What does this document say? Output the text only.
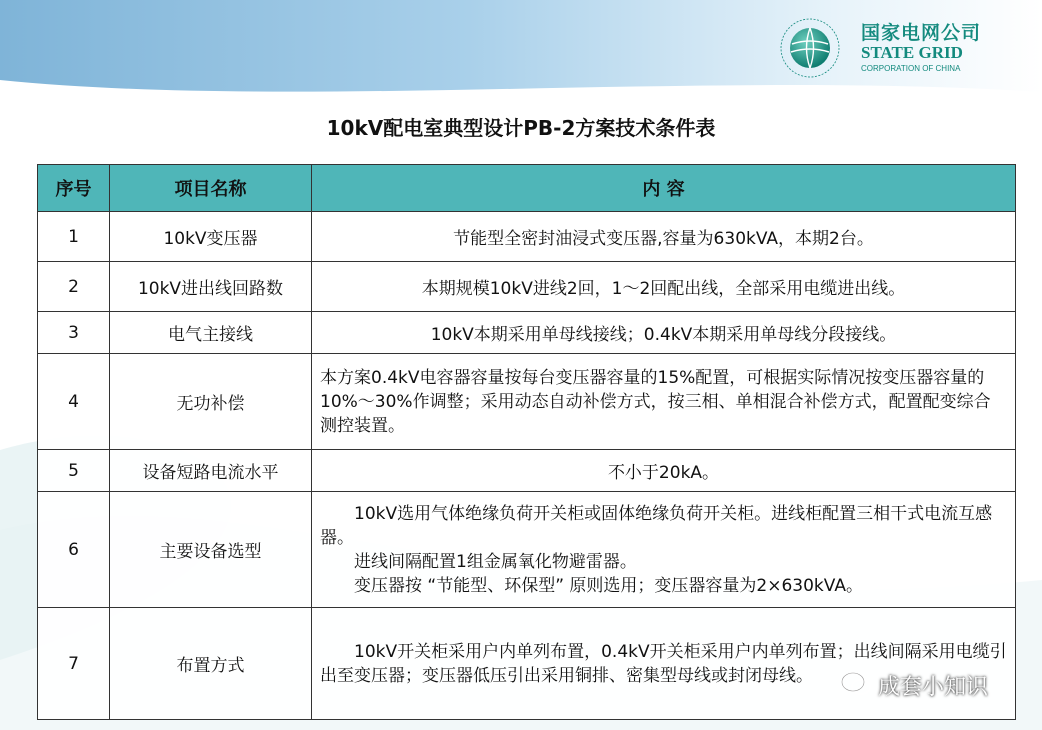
国家电网公司
STATE GRID
CORPORATION OF CHINA
10kV配电室典型设计PB-2方案技术条件表
序号	项目名称	内 容
1	10kV变压器	节能型全密封油浸式变压器,容量为630kVA，本期2台。
2	10kV进出线回路数	本期规模10kV进线2回，1～2回配出线，全部采用电缆进出线。
3	电气主接线	10kV本期采用单母线接线；0.4kV本期采用单母线分段接线。
4	无功补偿	本方案0.4kV电容器容量按每台变压器容量的15%配置，可根据实际情况按变压器容量的10%～30%作调整；采用动态自动补偿方式，按三相、单相混合补偿方式，配置配变综合测控装置。
5	设备短路电流水平	不小于20kA。
6	主要设备选型	10kV选用气体绝缘负荷开关柜或固体绝缘负荷开关柜。进线柜配置三相干式电流互感器。
进线间隔配置1组金属氧化物避雷器。
变压器按 “节能型、环保型” 原则选用；变压器容量为2×630kVA。

7	布置方式	10kV开关柜采用户内单列布置，0.4kV开关柜采用户内单列布置；出线间隔采用电缆引出至变压器；变压器低压引出采用铜排、密集型母线或封闭母线。	成套小知识
